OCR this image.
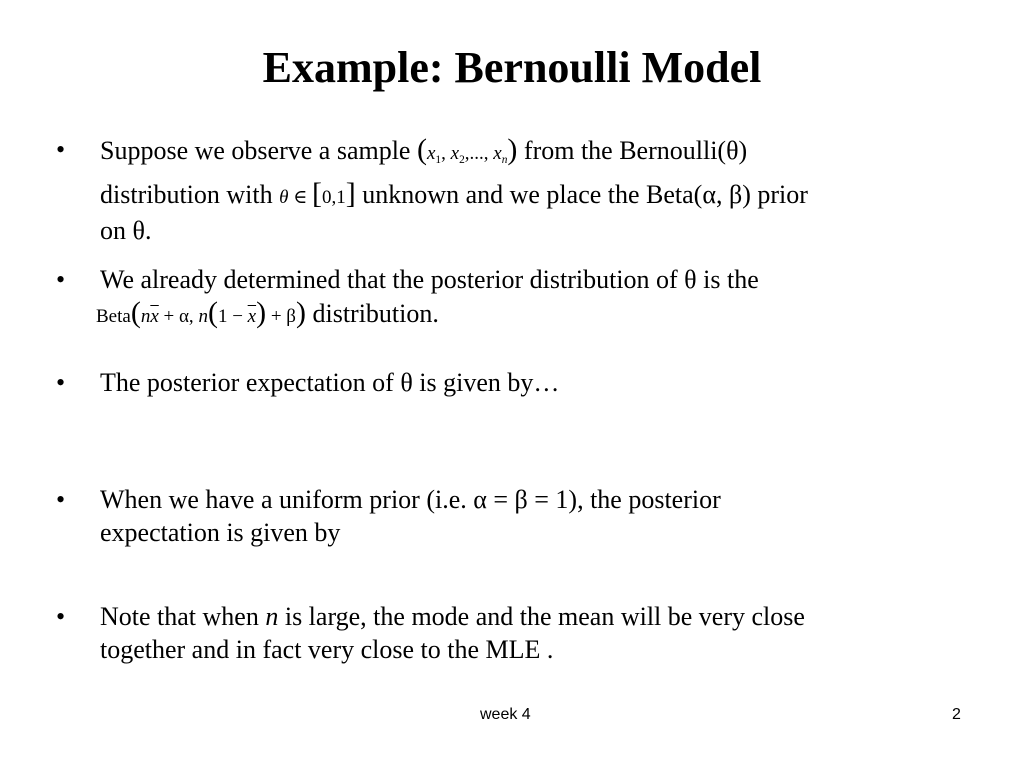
Example: Bernoulli Model
•	Suppose we observe a sample ($x_1$, $x_2$,..., $x_n$) from the Bernoulli(θ)
distribution with θ ∈ [0,1] unknown and we place the Beta(α, β) prior
on θ.
•	We already determined that the posterior distribution of θ is the
$Beta(n\overline{x} + \alpha$, $n(1 - \overline{x}) + \beta$) distribution.
•	The posterior expectation of θ is given by…
•	When we have a uniform prior (i.e. α = β = 1), the posterior
expectation is given by
•	Note that when n is large, the mode and the mean will be very close
together and in fact very close to the MLE .
week 4	2
